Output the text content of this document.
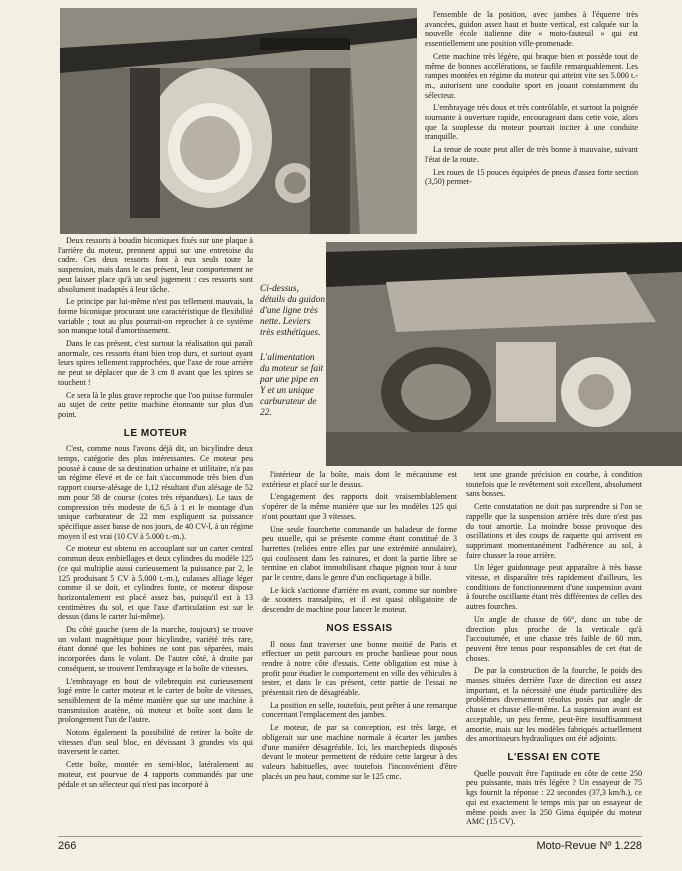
Ci-dessus, détails du guidon d'une ligne très nette. Leviers très esthétiques.

L'alimentation du moteur se fait par une pipe en Y et un unique carburateur de 22.

l'ensemble de la position, avec jambes à l'équerre très avancées, guidon assez haut et buste vertical, est calquée sur la nouvelle école italienne dite « moto-fauteuil » qui est essentiellement une position ville-promenade.

Cette machine très légère, qui braque bien et possède tout de même de bonnes accélérations, se faufile remarquablement. Les rampes montées en régime du moteur qui atteint vite ses 5.000 t.-m., autorisent une conduite sport en jouant constamment du sélecteur.

L'embrayage très doux et très contrôlable, et surtout la poignée tournante à ouverture rapide, encourageant dans cette voie, alors que la souplesse du moteur pourrait inciter à une conduite tranquille.

La tenue de route peut aller de très bonne à mauvaise, suivant l'état de la route.

Les roues de 15 pouces équipées de pneus d'assez forte section (3,50) permet-

Deux ressorts à boudin biconiques fixés sur une plaque à l'arrière du moteur, prennent appui sur une entretoise du cadre. Ces deux ressorts font à eux seuls toute la suspension, mais dans le cas présent, leur comportement ne peut laisser place qu'à un seul jugement : ces ressorts sont absolument inadaptés à leur tâche.

Le principe par lui-même n'est pas tellement mauvais, la forme biconique procurant une caractéristique de flexibilité variable ; tout au plus pourrait-on reprocher à ce système son manque total d'amortissement.

Dans le cas présent, c'est surtout la réalisation qui paraît anormale, ces ressorts étant bien trop durs, et surtout ayant leurs spires tellement rapprochées, que l'axe de roue arrière ne peut se déplacer que de 3 cm 8 avant que les spires se touchent !

Ce sera là le plus grave reproche que l'on puisse formuler au sujet de cette petite machine étonnante sur plus d'un point.

LE MOTEUR

C'est, comme nous l'avons déjà dit, un bicylindre deux temps, catégorie des plus intéressantes. Ce moteur peu poussé à cause de sa destination urbaine et utilitaire, n'a pas un régime élevé et de ce fait s'accommode très bien d'un rapport course-alésage de 1,12 résultant d'un alésage de 52 mm pour 58 de course (cotes très répandues). Le taux de compression très modeste de 6,5 à 1 et le montage d'un unique carburateur de 22 mm expliquent sa puissance spécifique assez basse de nos jours, de 40 CV-l, à un régime moyen il est vrai (10 CV à 5.000 t.-m.).

Ce moteur est obtenu en accouplant sur un carter central commun deux embiellages et deux cylindres du modèle 125 (ce qui multiplie aussi curieusement la puissance par 2, le 125 produisant 5 CV à 5.000 t.-m.), culasses alliage léger comme il se doit, et cylindres fonte, ce moteur dispose horizontalement est placé assez bas, puisqu'il est à 13 centimètres du sol, et que l'axe d'articulation est sur le dessus (dans le carter lui-même).

Du côté gauche (sens de la marche, toujours) se trouve un volant magnétique pour bicylindre, variété très rare, étant donné que les bobines ne sont pas séparées, mais incorporées dans le volant. De l'autre côté, à droite par conséquent, se trouvent l'embrayage et la boîte de vitesses.

L'embrayage en bout de vilebrequin est curieusement logé entre le carter moteur et le carter de boîte de vitesses, sensiblement de la même manière que sur une machine à transmission acatène, où moteur et boîte sont dans le prolongement l'un de l'autre.

Notons également la possibilité de retirer la boîte de vitesses d'un seul bloc, en dévissant 3 grandes vis qui traversent le carter.

Cette boîte, montée en semi-bloc, latéralement au moteur, est pourvue de 4 rapports commandés par une pédale et un sélecteur qui n'est pas incorporé à

l'intérieur de la boîte, mais dont le mécanisme est extérieur et placé sur le dessus.

L'engagement des rapports doit vraisemblablement s'opérer de la même manière que sur les modèles 125 qui n'ont pourtant que 3 vitesses.

Une seule fourchette commande un baladeur de forme peu usuelle, qui se présente comme étant constitué de 3 barrettes (reliées entre elles par une extrémité annulaire), qui coulissent dans les rainures, et dont la partie libre se termine en clabot immobilisant chaque pignon tour à tour par le centre, dans le genre d'un encliquetage à bille.

Le kick s'actionne d'arrière en avant, comme sur nombre de scooters transalpins, et il est quasi obligatoire de descendre de machine pour lancer le moteur.

NOS ESSAIS

Il nous faut traverser une bonne moitié de Paris et effectuer un petit parcours en proche banlieue pour nous rendre à notre côte d'essais. Cette obligation est mise à profit pour étudier le comportement en ville des véhicules à tester, et dans le cas présent, cette partie de l'essai ne présentait rien de désagréable.

La position en selle, toutefois, peut prêter à une remarque concernant l'emplacement des jambes.

Le moteur, de par sa conception, est très large, et obligerait sur une machine normale à écarter les jambes d'une manière désagréable. Ici, les marchepieds disposés devant le moteur permettent de réduire cette largeur à des valeurs habituelles, avec toutefois l'inconvénient d'être placés un peu haut, comme sur le 125 cmc.

tent une grande précision en courbe, à condition toutefois que le revêtement soit excellent, absolument sans bosses.

Cette constatation ne doit pas surprendre si l'on se rappelle que la suspension arrière très dure n'est pas du tout amortie. La moindre bosse provoque des oscillations et des coups de raquette qui arrivent en supprimant momentanément l'adhérence au sol, à faire chasser la roue arrière.

Un léger guidonnage peut apparaître à très basse vitesse, et disparaître très rapidement d'ailleurs, les conditions de fonctionnement d'une suspension avant à fourche oscillante étant très différentes de celles des autres fourches.

Un angle de chasse de 66°, donc un tube de direction plus proche de la verticale qu'à l'accoutumée, et une chasse très faible de 60 mm, peuvent être tenus pour responsables de cet état de choses.

De par la construction de la fourche, le poids des masses situées derrière l'axe de direction est assez important, et la nécessité une étude particulière des problèmes diversement résolus posés par angle de chasse et chasse elle-même. La suspension avant est acceptable, un peu ferme, peut-être insuffisamment amortie, mais sur les modèles fabriqués actuellement des amortisseurs hydrauliques ont été adjoints.

L'ESSAI EN COTE

Quelle pouvait être l'aptitude en côte de cette 250 peu puissante, mais très légère ? Un essayeur de 75 kgs fournit la réponse : 22 secondes (37,3 km/h.), ce qui est exactement le temps mis par un essayeur de même poids avec la 250 Gima équipée du moteur AMC (15 CV).

266	Moto-Revue Nº 1.228
